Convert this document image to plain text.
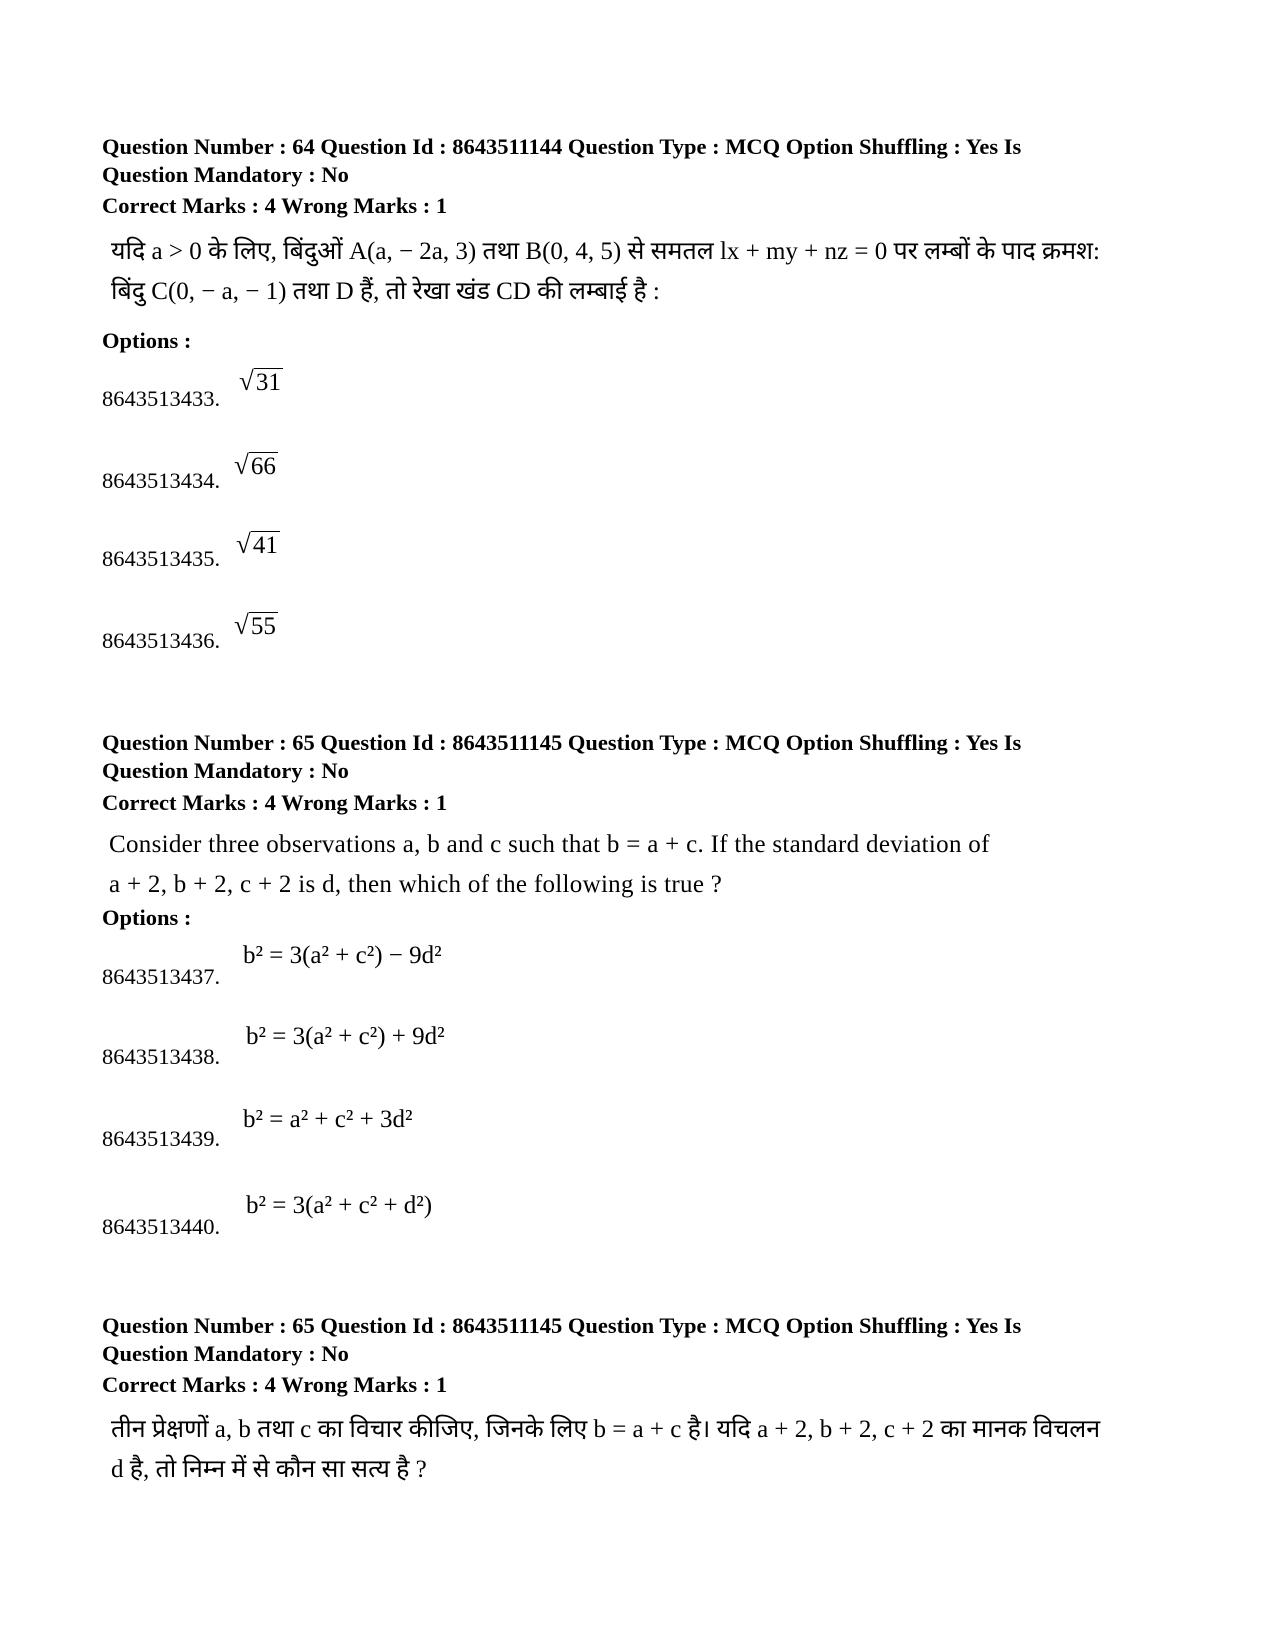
Question Number : 64 Question Id : 8643511144 Question Type : MCQ Option Shuffling : Yes Is
Question Mandatory : No
Correct Marks : 4 Wrong Marks : 1
यदि a > 0 के लिए, बिंदुओं A(a, − 2a, 3) तथा B(0, 4, 5) से समतल lx + my + nz = 0 पर लम्बों के पाद क्रमश:
बिंदु C(0, − a, − 1) तथा D हैं, तो रेखा खंड CD की लम्बाई है :
Options :
8643513433.
√31
8643513434.
√66
8643513435. √41
8643513436.
√55
Question Number : 65 Question Id : 8643511145 Question Type : MCQ Option Shuffling : Yes Is
Question Mandatory : No
Correct Marks : 4 Wrong Marks : 1
Consider three observations a, b and c such that b = a + c. If the standard deviation of
a + 2, b + 2, c + 2 is d, then which of the following is true ?
Options :
8643513437.
b² = 3(a² + c²) − 9d²
8643513438.
b² = 3(a² + c²) + 9d²
8643513439.
b² = a² + c² + 3d²
8643513440.
b² = 3(a² + c² + d²)
Question Number : 65 Question Id : 8643511145 Question Type : MCQ Option Shuffling : Yes Is
Question Mandatory : No
Correct Marks : 4 Wrong Marks : 1
तीन प्रेक्षणों a, b तथा c का विचार कीजिए, जिनके लिए b = a + c है। यदि a + 2, b + 2, c + 2 का मानक विचलन
d है, तो निम्न में से कौन सा सत्य है ?
